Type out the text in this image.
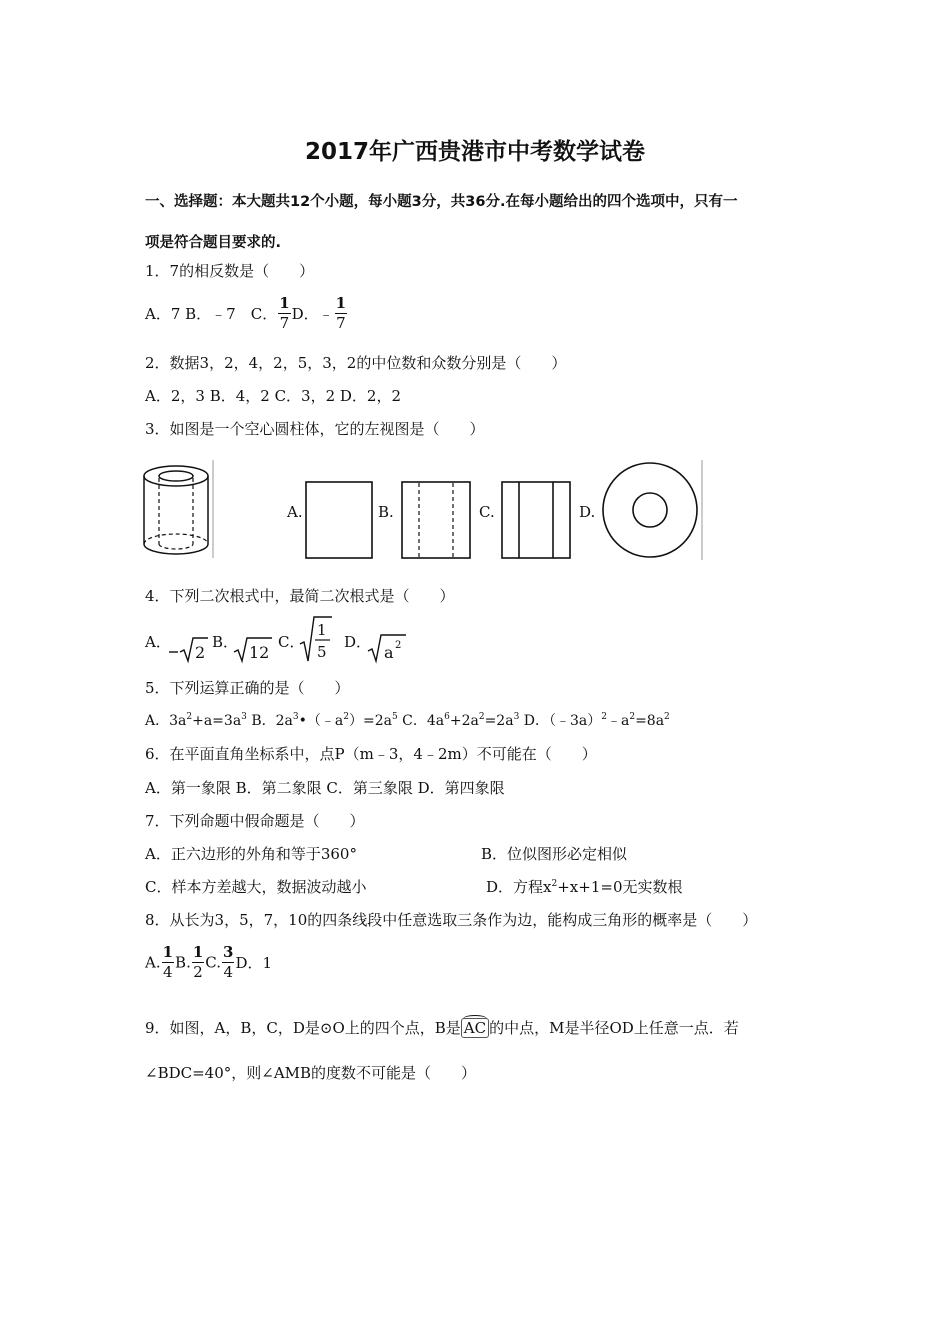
2017年广西贵港市中考数学试卷
一、选择题：本大题共12个小题，每小题3分，共36分.在每小题给出的四个选项中，只有一
项是符合题目要求的.
1．7的相反数是（　　）
A．7 B．﹣7　C． $\frac{1}{7}$ D．﹣ $\frac{1}{7}$
2．数据3，2，4，2，5，3，2的中位数和众数分别是（　　）
A．2，3 B．4，2 C．3，2 D．2，2
3．如图是一个空心圆柱体，它的左视图是（　　）
A.	B.	C.	D.
4．下列二次根式中，最简二次根式是（　　）
A．
2
B．
12
C．
1
5
D．
a 2
5．下列运算正确的是（　　）
A．$3a^2+a=3a^3$ B．$2a^3•(﹣a^2)=2a^5$ C．$4a^6+2a^2=2a^3$ D．$(﹣3a)^2﹣a^2=8a^2$
6．在平面直角坐标系中，点P（m﹣3，4﹣2m）不可能在（　　）
A．第一象限 B．第二象限 C．第三象限 D．第四象限
7．下列命题中假命题是（　　）
A．正六边形的外角和等于360°	B．位似图形必定相似
C．样本方差越大，数据波动越小	D．方程$x^2+x+1=0$无实数根
8．从长为3，5，7，10的四条线段中任意选取三条作为边，能构成三角形的概率是（　　）
A. $\frac{1}{4} B$. $\frac{1}{2} C$. $\frac{3}{4}$ D．1
9．如图，A，B，C，D是⊙O上的四个点，B是 AC 的中点，M是半径OD上任意一点．若
∠BDC=40°，则∠AMB的度数不可能是（　　）
